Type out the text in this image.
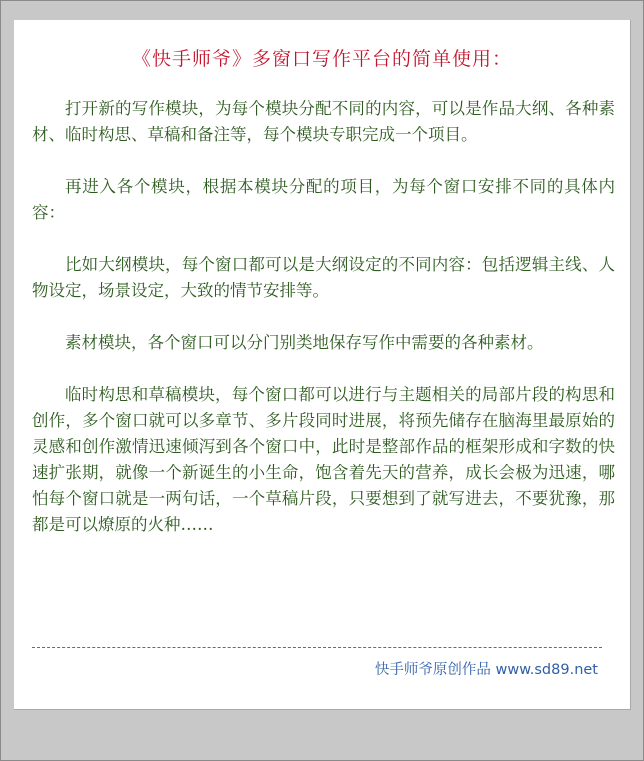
《快手师爷》多窗口写作平台的简单使用：

打开新的写作模块，为每个模块分配不同的内容，可以是作品大纲、各种素材、临时构思、草稿和备注等，每个模块专职完成一个项目。

再进入各个模块，根据本模块分配的项目，为每个窗口安排不同的具体内容：

比如大纲模块，每个窗口都可以是大纲设定的不同内容：包括逻辑主线、人物设定，场景设定，大致的情节安排等。

素材模块，各个窗口可以分门别类地保存写作中需要的各种素材。

临时构思和草稿模块，每个窗口都可以进行与主题相关的局部片段的构思和创作，多个窗口就可以多章节、多片段同时进展，将预先储存在脑海里最原始的灵感和创作激情迅速倾泻到各个窗口中，此时是整部作品的框架形成和字数的快速扩张期，就像一个新诞生的小生命，饱含着先天的营养，成长会极为迅速，哪怕每个窗口就是一两句话，一个草稿片段，只要想到了就写进去，不要犹豫，那都是可以燎原的火种……

快手师爷原创作品 www.sd89.net
